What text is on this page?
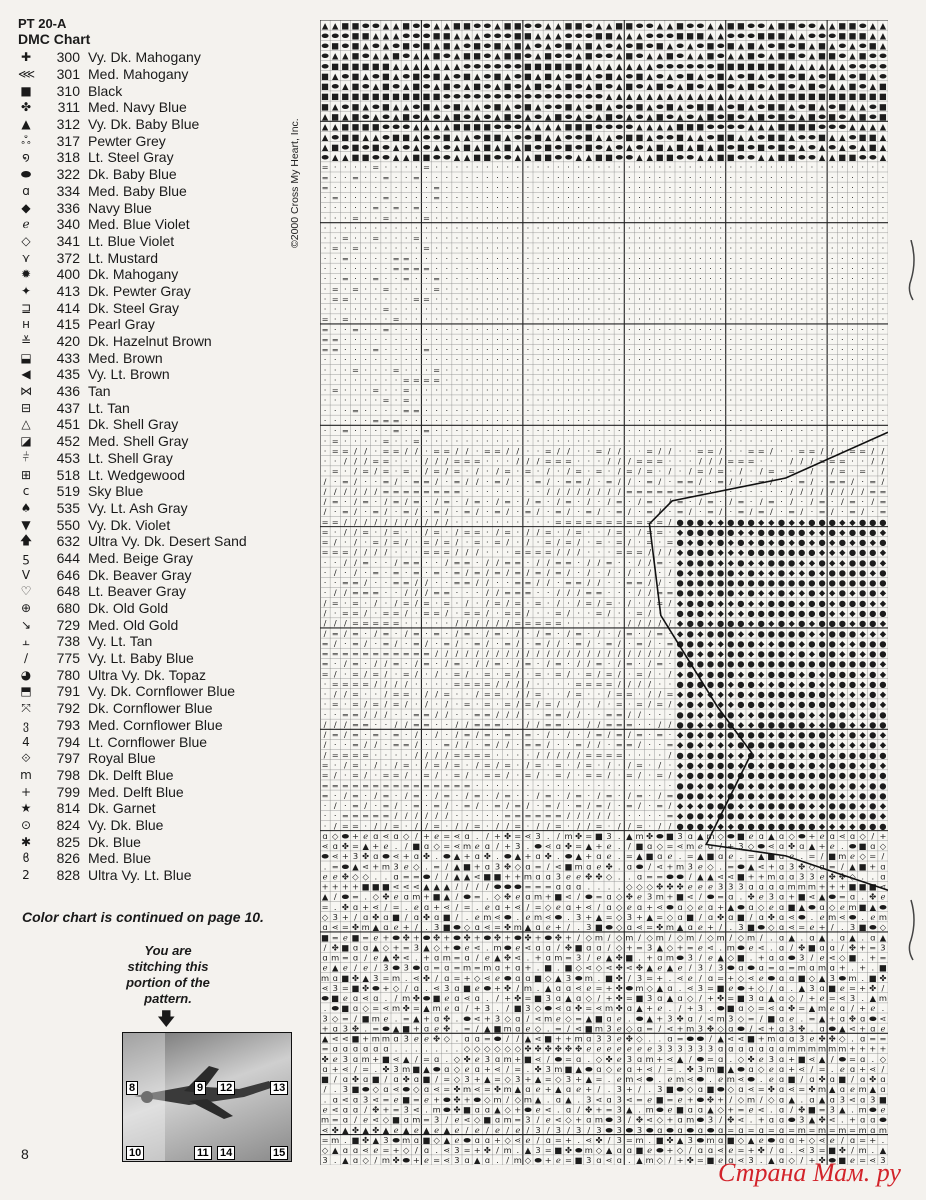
PT 20-A
DMC Chart
✚	300 Vy. Dk. Mahogany
⋘	301 Med. Mahogany
■	310 Black
✤	311 Med. Navy Blue
▲	312 Vy. Dk. Baby Blue
ஃ	317 Pewter Grey
໑	318 Lt. Steel Gray
⬬	322 Dk. Baby Blue
ɑ	334 Med. Baby Blue
◆	336 Navy Blue
ℯ	340 Med. Blue Violet
◇	341 Lt. Blue Violet
⋎	372 Lt. Mustard
✹	400 Dk. Mahogany
✦	413 Dk. Pewter Gray
⊒	414 Dk. Steel Gray
ʜ	415 Pearl Gray
≚	420 Dk. Hazelnut Brown
⬓	433 Med. Brown
◀	435 Vy. Lt. Brown
⋈	436 Tan
⊟	437 Lt. Tan
△	451 Dk. Shell Gray
◪	452 Med. Shell Gray
⫩	453 Lt. Shell Gray
⊞	518 Lt. Wedgewood
ϲ	519 Sky Blue
♠	535 Vy. Lt. Ash Gray
▼	550 Vy. Dk. Violet
🡅	632 Ultra Vy. Dk. Desert Sand
ƽ	644 Med. Beige Gray
V	646 Dk. Beaver Gray
♡	648 Lt. Beaver Gray
⊕	680 Dk. Old Gold
↘	729 Med. Old Gold
⫠	738 Vy. Lt. Tan
∕	775 Vy. Lt. Baby Blue
◕	780 Ultra Vy. Dk. Topaz
⬒	791 Vy. Dk. Cornflower Blue
⤧	792 Dk. Cornflower Blue
ვ	793 Med. Cornflower Blue
4	794 Lt. Cornflower Blue
⟐	797 Royal Blue
m	798 Dk. Delft Blue
+	799 Med. Delft Blue
★	814 Dk. Garnet
⊙	824 Vy. Dk. Blue
✱	825 Dk. Blue
ϐ	826 Med. Blue
2	828 Ultra Vy. Lt. Blue
Color chart is continued on page 10.
You are stitching this portion of the pattern.
🡇
8	9 12	13
10	11 14	15
©2000 Cross My Heart, Inc.
8
▲ ▲ ■ ■ ⬬ ⬬ ▲ ▲ ■ ⬬ ⬬ ▲ ▲ ■ ■ ⬬ ⬬ ▲ ■ ■ ⬬ ⬬ ▲ ▲ ■ ■ ⬬ ▲ ▲ ■ ■ ⬬ ⬬ ▲ ▲ ■ ⬬ ⬬ ▲ ▲ ■ ■ ⬬ ⬬ ▲ ■ ■ ⬬ ⬬ ▲ ▲ ■ ■ ⬬ ▲ ▲
⬬ ⬬ ⬬ ■ ■ ▲ ▲ ▲ ⬬ ⬬ ⬬ ■ ■ ▲ ▲ ▲ ⬬ ⬬ ⬬ ■ ■ ▲ ▲ ▲ ⬬ ⬬ ⬬ ■ ■ ▲ ▲ ▲ ⬬ ⬬ ⬬ ■ ■ ■ ▲ ▲ ⬬ ⬬ ⬬ ■ ■ ■ ▲ ▲ ⬬ ⬬ ⬬ ■ ■ ■ ▲ ▲
⬬ ■ ⬬ ■ ▲ ⬬ ▲ ⬬ ■ ⬬ ■ ▲ ■ ▲ ⬬ ■ ⬬ ■ ▲ ■ ▲ ⬬ ▲ ⬬ ■ ▲ ■ ▲ ⬬ ▲ ⬬ ■ ⬬ ■ ▲ ⬬ ▲ ⬬ ■ ⬬ ■ ▲ ■ ▲ ⬬ ■ ⬬ ■ ▲ ■ ▲ ⬬ ▲ ⬬ ■ ▲
⬬ ▲ ▲ ■ ⬬ ▲ ▲ ■ ⬬ ▲ ▲ ■ ⬬ ▲ ■ ■ ⬬ ▲ ■ ■ ⬬ ▲ ■ ⬬ ⬬ ▲ ■ ⬬ ⬬ ▲ ■ ⬬ ▲ ▲ ■ ⬬ ▲ ▲ ■ ⬬ ▲ ▲ ■ ⬬ ▲ ■ ■ ⬬ ▲ ■ ■ ⬬ ▲ ■ ⬬ ⬬
⬬ ■ ■ ■ ■ ■ ■ ▲ ▲ ▲ ▲ ▲ ▲ ▲ ⬬ ⬬ ⬬ ⬬ ⬬ ⬬ ■ ■ ■ ■ ■ ■ ▲ ▲ ▲ ▲ ▲ ▲ ▲ ⬬ ⬬ ⬬ ⬬ ⬬ ⬬ ■ ■ ■ ■ ■ ■ ■ ▲ ▲ ▲ ▲ ▲ ▲ ⬬ ⬬ ⬬ ⬬
■ ▲ ⬬ ■ ▲ ⬬ ■ ▲ ⬬ ■ ⬬ ■ ▲ ⬬ ■ ▲ ⬬ ■ ▲ ⬬ ■ ▲ ■ ▲ ⬬ ■ ▲ ⬬ ■ ▲ ⬬ ■ ▲ ⬬ ▲ ⬬ ■ ▲ ⬬ ■ ▲ ⬬ ■ ▲ ⬬ ■ ⬬ ■ ▲ ⬬ ■ ▲ ⬬ ■ ▲ ⬬
■ ⬬ ▲ ■ ⬬ ▲ ■ ⬬ ▲ ■ ⬬ ▲ ■ ⬬ ▲ ■ ⬬ ▲ ■ ⬬ ▲ ■ ⬬ ▲ ■ ⬬ ▲ ■ ⬬ ▲ ■ ⬬ ▲ ■ ⬬ ▲ ■ ⬬ ▲ ■ ⬬ ▲ ■ ⬬ ▲ ■ ⬬ ▲ ■ ⬬ ▲ ▲ ■ ⬬ ▲ ■
■ ■ ■ ■ ■ ■ ■ ■ ■ ■ ■ ■ ⬬ ⬬ ⬬ ⬬ ⬬ ⬬ ⬬ ⬬ ⬬ ⬬ ⬬ ⬬ ⬬ ⬬ ⬬ ⬬ ▲ ▲ ▲ ▲ ▲ ▲ ▲ ▲ ▲ ▲ ▲ ▲ ▲ ▲ ▲ ▲ ▲ ■ ■ ■ ■ ■ ■ ■ ■ ■ ■ ■
■ ▲ ⬬ ■ ▲ ⬬ ■ ▲ ▲ ⬬ ■ ▲ ⬬ ■ ▲ ▲ ⬬ ■ ▲ ⬬ ■ ▲ ⬬ ⬬ ■ ▲ ⬬ ■ ▲ ⬬ ⬬ ■ ▲ ⬬ ■ ▲ ⬬ ■ ■ ▲ ⬬ ■ ▲ ⬬ ■ ■ ▲ ⬬ ■ ▲ ⬬ ■ ▲ ▲ ⬬ ■
▲ ■ ▲ ■ ⬬ ▲ ⬬ ▲ ■ ⬬ ▲ ⬬ ▲ ■ ⬬ ▲ ⬬ ▲ ■ ⬬ ▲ ⬬ ▲ ■ ⬬ ▲ ⬬ ▲ ■ ⬬ ▲ ⬬ ▲ ■ ⬬ ▲ ⬬ ▲ ■ ⬬ ■ ⬬ ▲ ■ ⬬ ■ ⬬ ▲ ■ ⬬ ■ ⬬ ▲ ■ ⬬ ■
▲ ▲ ■ ■ ■ ■ ⬬ ⬬ ⬬ ▲ ▲ ▲ ▲ ■ ■ ■ ■ ⬬ ⬬ ⬬ ▲ ▲ ▲ ▲ ■ ■ ■ ⬬ ⬬ ⬬ ⬬ ▲ ▲ ▲ ▲ ■ ■ ■ ⬬ ⬬ ⬬ ⬬ ▲ ▲ ▲ ■ ■ ■ ■ ⬬ ⬬ ⬬ ▲ ▲ ▲ ▲
▲ ⬬ ■ ■ ▲ ▲ ⬬ ■ ■ ▲ ⬬ ⬬ ■ ▲ ▲ ⬬ ■ ■ ▲ ⬬ ⬬ ■ ▲ ▲ ⬬ ⬬ ■ ▲ ▲ ⬬ ■ ■ ▲ ⬬ ⬬ ■ ▲ ▲ ⬬ ■ ■ ▲ ▲ ⬬ ■ ■ ▲ ⬬ ⬬ ■ ▲ ▲ ⬬ ■ ■ ▲
▲ ■ ⬬ ■ ⬬ ■ ⬬ ▲ ⬬ ▲ ⬬ ▲ ⬬ ▲ ■ ▲ ■ ▲ ■ ▲ ■ ⬬ ■ ⬬ ■ ⬬ ■ ⬬ ▲ ⬬ ▲ ⬬ ▲ ■ ▲ ■ ▲ ■ ▲ ■ ⬬ ■ ⬬ ■ ⬬ ■ ⬬ ▲ ⬬ ▲ ⬬ ▲ ⬬ ▲ ■ ▲
⬬ ▲ ▲ ■ ■ ⬬ ⬬ ▲ ▲ ■ ■ ⬬ ⬬ ▲ ▲ ■ ■ ⬬ ⬬ ▲ ▲ ■ ■ ⬬ ⬬ ▲ ▲ ■ ■ ⬬ ⬬ ▲ ▲ ■ ■ ⬬ ⬬ ▲ ▲ ■ ■ ⬬ ⬬ ▲ ▲ ■ ■ ⬬ ⬬ ▲ ▲ ■ ■ ⬬ ⬬ ▲
= · · · · = · · · · = · · · · · · · · · · · · · · · · · · · · · · · · · · · · · · · · · · · · · · · · · · · · ·
= · · = · · = · · = · · · · · · · · · · · · · · · · · · · · · · · · · · · · · · · · · · · · · · · · · · · · · ·
= · · · · · · · · · · = · · · · · · · · · · · · · · · · · · · · · · · · · · · · · · · · · · · · · · · · · · · ·
· = · · · · = · · · · = · · · · · · · · · · · · · · · · · · · · · · · · · · · · · · · · · · · · · · · · · · · ·
· · · · · = · = · = · · · · · · · · · · · · · · · · · · · · · · · · · · · · · · · · · · · · · · · · · · · · · ·
· · · = · · = · · · = · · · · · · · · · · · · · · · · · · · · · · · · · · · · · · · · · · · · · · · · · · · · ·
· · · · · · · · · · · · · · · · · · · · · · · · · · · · · · · · · · · · · · · · · · · · · · · · · · · · · · · ·
· · = · · = · · · = · · · · · · · · · · · · · · · · · · · · · · · · · · · · · · · · · · · · · · · · · · · · · ·
· = · = · · · · · · = · · · · · · · · · · · · · · · · · · · · · · · · · · · · · · · · · · · · · · · · · · · · ·
· · = · · · · = = · · · · · · · · · · · · · · · · · · · · · · · · · · · · · · · · · · · · · · · · · · · · · · ·
· · · · · · · = = = = · · · · · · · · · · · · · · · · · · · · · · · · · · · · · · · · · · · · · · · · · · · · ·
· · = · · = · · = · · = · · · · · · · · · · · · · · · · · · · · · · · · · · · · · · · · · · · · · · · · · · · ·
· = · = · · = · · · · = · · · · · · · · · · · · · · · · · · · · · · · · · · · · · · · · · · · · · · · · · · · ·
· = = · · · · · · = = · · · · · · · · · · · · · · · · · · · · · · · · · · · · · · · · · · · · · · · · · · · · ·
· · · · · · = · · · · · · · · · · · · · · · · · · · · · · · · · · · · · · · · · · · · · · · · · · · · · · · · ·
= · = · · · · = · · · · · · · · · · · · · · · · · · · · · · · · · · · · · · · · · · · · · · · · · · · · · · · ·
= · · = · · = · · · · · · · · · · · · · · · · · · · · · · · · · · · · · · · · · · · · · · · · · · · · · · · · ·
= = · · · · · · · · · · · · · · · · · · · · · · · · · · · · · · · · · · · · · · · · · · · · · · · · · · · · · ·
= = · · · = · · · · = · · · · · · · · · · · · · · · · · · · · · · · · · · · · · · · · · · · · · · · · · · · · ·
· · · · · · · · · · · · · · · · · · · · · · · · · · · · · · · · · · · · · · · · · · · · · · · · · · · · · · · ·
· · · = · · · = · · · = · · · · · · · · · · · · · · · · · · · · · · · · · · · · · · · · · · · · · · · · · · · ·
· · · · · · · · = = = = · · · · · · · · · · · · · · · · · · · · · · · · · · · · · · · · · · · · · · · · · · · ·
· = · · · = · · = · · · · · · · · · · · · · · · · · · · · · · · · · · · · · · · · · · · · · · · · · · · · · · ·
· · · · · · = · = · · · · · · · · · · · · · · · · · · · · · · · · · · · · · · · · · · · · · · · · · · · · · · ·
· · · = · · · · = = · · · · · · · · · · · · · · · · · · · · · · · · · · · · · · · · · · · · · · · · · · · · · ·
· · · · · = = = · · · · · · · · · · · · · · · · · · · · · · · · · · · · · · · · · · · · · · · · · · · · · · · ·
· · = · · · · = · · = · · · · · · · · · · · · · · · · · · · · · · · · · · · · · · · · · · · · · · · · · · · · ·
· = · · · · = · · = · · · · · · · · · · · · · · · · · · · · · · · · · · · · · · · · · · · · · · · · · · · · · ·
· = = / / · = = / / · = = / / · = = / / · · = / / · · = / / · · = / / · · = = / · · = = / · · = = / / · = = / /
· · / / / = = · · · / / / = = = · · · / / / = = = · · · / / / = = = · · · / / / = = = · · · / / / = = = · · / /
· = · / = / = · = · / = / = · / · / = · = · / · / = · = · / = / = · / · / = / = · / · / = · = · / · / = · = · /
/ · = / · · = / · = = / · = / / · = / · · = / · = = / · = / / · = / · = = / · = / / · = / · · = / · = = / · = /
/ / / / / / = = = = = = = = · · · · · · · · / / / / / / / / = = = = = = = = · · · · · · · · / / / / / / / / = =
/ = · / = · / = / = · / = · / = · / = · / = · / = · / · / = · / = · / = · / = · / = · / = · / · / = · / = · / =
/ · = / · = / · = / · = / · = / · = / · = / · = / · = / · = / · = / · = / · = / · = / = / · = / · = / · = / · =
= = / / / / / / / / / / / · · · · · · · · · · = = = = = = = = = = = / ● ● ● ◆ ◆ ● ● ● ◆ ◆ ● ◆ ◆ ● ● ● ◆ ◆ ● ● ●
= · / / = · / = · · / = · / = = · / = · / / = · / = · · / = · / = = · ◆ ● ● ● ● ● ◆ ◆ ● ● ● ● ● ◆ ◆ ● ◆ ● ● ● ◆
= / · / · = / = / · = / = / · = · = / · / · = / = / · = · = / · = · = ● ◆ ● ◆ ● ◆ ● ◆ ● ◆ ● ◆ ● ◆ ● ◆ ● ◆ ● ◆ ●
= = = / / / / · · · = = = / / / · · · = = = = / / / · · · = = = / / / ◆ ● ● ● ◆ ◆ ◆ ● ● ● ● ● ● ● ◆ ◆ ◆ ● ● ● ◆
· · / / = · · / = = · · / = = · / / = = · / / = = · / / = · · / / = · ◆ ● ● ● ◆ ◆ ● ◆ ◆ ● ● ● ◆ ◆ ● ◆ ◆ ● ● ● ◆
· / · / · = · = · = · = · = / = / = / = / = / = / · / · / · / · / · / ● ◆ ● ● ● ● ◆ ● ◆ ◆ ● ◆ ◆ ● ◆ ● ● ● ● ◆ ●
· · = = / · · = = / / · · = = / / · · = = / / · = = / / · · = = / / · ● ● ● ● ● ● ● ● ● ● ● ● ● ● ● ● ● ● ● ● ●
· / / = = = · · / / / = = · · · / / = = = · · / / / = = · · · / / = = ● ● ● ◆ ● ● ◆ ● ◆ ◆ ● ◆ ◆ ● ◆ ◆ ● ◆ ● ● ◆
/ = · = · / · / = / = · = · / · / = / = · = · / · / = / = · / · / = / ◆ ● ● ● ◆ ◆ ● ◆ ◆ ● ● ● ◆ ● ● ◆ ● ● ● ◆ ◆
/ · = = / · = = / · = = / · = = / · = = / · · = / · · = / · · = / · · ● ● ● ◆ ◆ ◆ ◆ ● ● ● ● ● ● ● ● ◆ ◆ ◆ ● ● ●
/ / / = = = = = · · · · · / / / / / / = = = = = · · · · · · / / / / / ◆ ● ● ◆ ● ● ● ◆ ● ◆ ● ◆ ● ◆ ● ● ● ◆ ● ● ◆
/ = / = · / = · / = · = · / = · / = · / · / = · / = · / · / = · / = · ◆ ● ◆ ● ● ● ◆ ◆ ● ● ● ● ● ◆ ◆ ● ● ● ◆ ◆ ◆
= / · = / · = / · = / · = / · = / · = / · = / / · = / · = / · = / · = ● ● ● ◆ ◆ ● ● ● ◆ ◆ ● ● ◆ ● ● ● ◆ ◆ ● ● ●
= = = = = = = = = = = / / / / / / / / / / / / / / / / / / / / / / / / ● ● ◆ ● ◆ ● ● ◆ ● ● ● ◆ ● ◆ ● ● ◆ ● ◆ ● ●
= · / = · / / = · / = · / = · / / = · / = · / = · / / = · / = · / = · ● ● ● ● ● ● ● ● ● ● ● ● ● ● ● ● ● ● ● ● ◆
= / · = / = / · = / · / · = / · = · = / · = · = / · = / = / · = / · / ◆ ● ◆ ● ● ● ◆ ● ◆ ● ● ● ◆ ● ◆ ● ● ● ◆ ● ◆
· = = = = / / / / · · · · = = = = / / / / · · · · = = = = / / / / · · ● ● ● ● ● ◆ ● ● ◆ ◆ ● ◆ ◆ ● ◆ ◆ ● ● ◆ ● ●
· / / = · · / = = · / / = · · / = = · / / = · · / = · · / = = · / / = ◆ ● ◆ ◆ ◆ ◆ ● ◆ ● ● ● ● ● ● ● ◆ ◆ ◆ ◆ ● ◆
· = · = / = / = / · / · / · = · = · = / = / = / · / · / · = · = / = / ◆ ● ◆ ● ◆ ◆ ● ● ● ◆ ● ◆ ● ● ● ● ◆ ● ◆ ● ◆
· · = = / / / · · = = / / · · = = / / / · · = = / / · · = = / / · · · ● ● ◆ ◆ ● ● ◆ ◆ ● ● ● ● ● ◆ ◆ ● ● ◆ ◆ ● ●
/ / / = = · · / / = = · · / / = = = · · / / = = · · / / = = = · · / / ● ● ◆ ◆ ● ● ◆ ◆ ● ● ● ● ● ◆ ◆ ● ● ◆ ◆ ● ●
/ = / = · = · = · / · / · / = / = · = · = · / · / · / = / = / = · = · ◆ ● ◆ ● ◆ ● ● ● ● ◆ ● ◆ ● ● ● ◆ ◆ ● ◆ ● ◆
/ · · = / / · = = / · · = / / · = / / · = = / · · = / / · = = / · · = ◆ ● ◆ ◆ ◆ ◆ ● ● ● ● ● ● ● ◆ ● ◆ ◆ ◆ ◆ ● ◆
/ = = = = · · · · / / / / = = = = · · · · / / / / / = = = = · · · · / ● ● ◆ ● ● ◆ ◆ ● ◆ ◆ ● ◆ ◆ ● ● ◆ ● ● ● ● ●
= · / = · / · / = · / = / = · / = / = · / = · = · / = · / · / = · / · ◆ ● ◆ ● ● ● ◆ ● ◆ ● ● ● ◆ ● ◆ ● ● ● ◆ ● ◆
= / · = / · = = / · = / · = / · = = / · = / · = / · = = / · = / · = / ◆ ● ● ● ● ● ● ● ● ● ● ● ● ● ● ● ● ● ● ● ●
= = = = = = = = = = = = = = = · · · · · · · · · · · · · · · · · · · · ● ● ◆ ● ◆ ● ● ◆ ● ◆ ● ● ● ◆ ● ● ◆ ● ◆ ● ●
= · / = · / = · / = · / = · / = · / = · · / = · / = · / = · / = · / = ● ● ● ◆ ◆ ● ● ● ◆ ● ● ◆ ◆ ● ● ● ◆ ◆ ● ● ●
· / · = / · = / · = · = / · = / · = / = / · = / · = / = / · = / · = / ◆ ◆ ◆ ● ● ● ◆ ◆ ● ● ● ● ● ◆ ◆ ● ● ● ◆ ● ◆
· · = = = = = / / / / / / · · · · · = = = = = = / / / / / · · · · · = ◆ ● ● ◆ ● ● ● ◆ ● ◆ ● ◆ ● ◆ ● ● ● ◆ ● ● ◆
· / = = · / / = · / / = · / / = · / / = · / / = · / / = · / / = · / / ● ● ● ◆ ◆ ◆ ● ● ● ● ● ● ● ● ◆ ◆ ◆ ◆ ● ● ●
ɑ ◇ ⬬ + ℯ ɑ ⋖ ɑ ◇ / + ℯ = ⋖ ɑ . / + ✤ = ⋖ 3 . / m ✤ = ■ 3 . ▲ m ✤ ⬬ ■ 3 ɑ ▲ m ◇ ⬬ ■ ℯ ɑ ▲ ɑ ◇ ⬬ + ℯ ɑ ⋖ ɑ ◇ / +
⋖ ɑ ✤ = ▲ + ℯ . / ■ ɑ ◇ = ⋖ m ℯ ɑ / + 3 . ⬬ ⋖ ɑ ✤ = ▲ + ℯ . / ■ ɑ ◇ = ⋖ m ℯ ɑ / + 3 ◇ ⬬ ⋖ ɑ ✤ ɑ ▲ + ℯ . ⬬ ■ ɑ ◇
⬬ ⋖ + 3 ✤ ɑ ⬬ ⋖ + ɑ ✤ . ⬬ ▲ + ɑ ✤ . ⬬ ▲ + ɑ ✤ . ⬬ ▲ + ɑ ℯ . = ▲ ■ ɑ ℯ . = ▲ ■ ɑ ℯ . = ▲ ■ ɑ ℯ . = / ■ m ℯ ◇ = /
. = ⬬ ▲ ⋖ + m 3 ℯ ◇ . = / ▲ ■ + ɑ 3 ✤ ◇ ɑ = / ⋖ ■ m ɑ ℯ ✤ . ɑ ⬬ / ⋖ + m 3 ℯ ◇ . = ⬬ ▲ ⋖ + ɑ 3 ✤ ◇ ɑ = / ▲ ■ + ɑ
ℯ ℯ ✤ ◇ ◇ . . ɑ = = ⬬ / / ▲ ▲ ⋖ ■ ■ + + m ɑ ɑ 3 ℯ ℯ ✤ ✤ ◇ . . ɑ = = ⬬ ⬬ / ▲ ▲ ⋖ ⋖ ■ + + m ɑ ɑ 3 3 ℯ ✤ ✤ ◇ . . ɑ
+ + + + ■ ■ ■ ⋖ ⋖ ⋖ ▲ ▲ ▲ / / / / ⬬ ⬬ ⬬ = = = ɑ ɑ ɑ . . . . ◇ ◇ ◇ ✤ ✤ ✤ ℯ ℯ ℯ 3 3 3 ɑ ɑ ɑ ɑ m m m + + + ■ ■ ■ ⋖
▲ / ⬬ = . ◇ ✤ ℯ ɑ m + ■ ▲ / ⬬ = . ◇ ✤ ℯ ɑ m + ■ ⋖ / ⬬ = ɑ ◇ ✤ ℯ 3 m + ■ ⋖ / ⬬ = ɑ . ✤ ℯ 3 ɑ + ■ ⋖ ▲ ⬬ = ɑ . ✤ ℯ
= . ✤ ɑ + ⋖ / = . ℯ ɑ + ⋖ / = . ℯ ɑ + ⋖ / = ◇ ℯ ɑ + ⋖ / ɑ ◇ ℯ ɑ + ⋖ ⬬ ɑ ◇ ℯ ɑ + ▲ ⬬ ɑ ◇ ℯ ɑ ■ ▲ ⬬ ɑ ◇ ℯ m ■ ▲ ⬬
◇ 3 + / ɑ ✤ ɑ ■ / ɑ ✤ ɑ ■ / . ℯ m ⋖ ⬬ . ℯ m ⋖ ⬬ . 3 + ▲ = ◇ 3 + ▲ = ◇ ɑ ■ / ɑ ✤ ɑ ■ / ɑ ✤ ɑ ⋖ ⬬ . ℯ m ⋖ ⬬ . ℯ m
ɑ ⋖ = ✤ m ▲ ɑ ℯ + / . 3 ■ ⬬ ◇ ɑ ⋖ = ✤ m ▲ ɑ ℯ + / . 3 ■ ⬬ ◇ ɑ ⋖ = ✤ m ▲ ɑ ℯ + / . 3 ■ ⬬ ◇ ɑ ⋖ = ℯ + / . 3 ■ ⬬ ◇
■ = ℯ ■ = ℯ + ⬬ ✤ + ⬬ ✤ + ⬬ ✤ + ⬬ ✤ + ⬬ ✤ + ⬬ ✤ + / ◇ m / ◇ m / ◇ m / ◇ m / ◇ m / ◇ m / . ɑ ▲ . ɑ ▲ . ɑ ▲ . ɑ ▲
/ ✤ ■ ɑ ɑ ▲ ◇ + = 3 ▲ ◇ + ⬬ ℯ ⋖ . m ⬬ ℯ ⋖ ɑ ɑ / ✤ ■ ɑ ɑ / ◇ + = 3 ▲ ◇ + = ℯ ⋖ . m ⬬ ℯ ⋖ . ɑ / ✤ ■ ɑ ɑ / ✤ + = 3
ɑ m = ɑ / ℯ ▲ ✤ ⋖ . + ɑ m = ɑ / ℯ ▲ ✤ ⋖ . + ɑ m = 3 / ℯ ▲ ✤ ■ . + ɑ m ⬬ 3 / ℯ ▲ ◇ ■ . + ɑ ɑ ⬬ 3 / ℯ ⋖ ◇ ■ . + =
ℯ ▲ ℯ / ℯ / 3 ⬬ 3 ⬬ ɑ = ɑ = m = m ɑ + ɑ + . ■ . ■ ◇ ⋖ ◇ ⋖ ✤ ⋖ ✤ ▲ ℯ ▲ ℯ / 3 / 3 ⬬ ɑ ⬬ ɑ = ɑ = m ɑ m ɑ + . + . ■
m ɑ ■ ✤ ▲ 3 = m . ⋖ ✤ / ɑ = + ◇ ⋖ ℯ ⬬ ɑ ɑ ■ ◇ ▲ 3 ⬬ m . ■ ✤ / 3 = + . ⋖ ℯ / ɑ = + ◇ ⋖ ℯ ⬬ ɑ ɑ ■ ◇ ▲ 3 ⬬ m . ■ ✤
⋖ 3 = ■ ✤ ⬬ + ◇ / ɑ . ⋖ 3 ɑ ■ ℯ ⬬ + ✤ / m . ▲ ɑ ɑ ⋖ ℯ = + ✤ ⬬ m ◇ ▲ ɑ . ⋖ 3 = ■ ℯ ⬬ + ◇ / ɑ . ▲ 3 ɑ ■ ℯ = + ✤ /
⬬ ■ ℯ ɑ ⋖ ɑ . / m ✤ ⬬ ■ ℯ ɑ ⋖ ɑ . / + ✤ = ■ 3 ɑ ▲ ɑ ◇ / + ✤ = ■ 3 ɑ ▲ ɑ ◇ / + ✤ = ■ 3 ɑ ▲ ɑ ◇ / + ℯ = ⋖ 3 . ▲ m
. ⬬ ■ ɑ ◇ = ⋖ m ✤ = ▲ m ℯ ɑ / + 3 . / ■ 3 ◇ ⬬ ⋖ ɑ ✤ = ⋖ m ✤ ɑ ▲ + ℯ . / + 3 . ⬬ ■ ɑ ◇ = ⋖ ɑ ✤ = ▲ m ℯ ɑ / + ℯ .
3 ◇ = / ■ m ℯ . = ▲ + ɑ ✤ . ⬬ ⋖ + 3 ◇ ɑ / ⋖ m ℯ ◇ = ▲ ■ ɑ ℯ . ⬬ ▲ + 3 ✤ ɑ / ⋖ m 3 ◇ = / ■ ɑ ℯ . = ▲ + ɑ ✤ ɑ ⬬ ⋖
+ ɑ 3 ✤ . = ⬬ ▲ ■ + ɑ ℯ ✤ . = / ▲ ■ m ɑ ℯ ◇ . = / ⋖ ■ m 3 ℯ ◇ ɑ = / ⋖ + m 3 ✤ ◇ ɑ ⬬ / ⋖ + ɑ 3 ✤ . ɑ ⬬ ▲ ⋖ + ɑ ℯ
▲ ⋖ ⋖ ■ + m m ɑ 3 ℯ ℯ ✤ ◇ . ɑ ɑ = ⬬ / / ▲ ⋖ ■ + + m ɑ 3 3 ℯ ✤ ◇ . . ɑ = ⬬ ⬬ / ▲ ⋖ ⋖ ■ + m ɑ ɑ 3 ℯ ✤ ✤ ◇ . ɑ = =
= ɑ ɑ ɑ ɑ ɑ ɑ . . . . . . . ◇ ◇ ◇ ◇ ◇ ◇ ✤ ✤ ✤ ✤ ✤ ✤ ℯ ℯ ℯ ℯ ℯ ℯ ℯ 3 3 3 3 3 3 ɑ ɑ ɑ ɑ ɑ ɑ ɑ m m m m m m + + + +
✤ ℯ 3 ɑ m + ■ ⋖ ▲ / = ɑ . ◇ ✤ ℯ 3 ɑ m + ■ ⋖ / ⬬ = ɑ . ◇ ✤ ℯ 3 ɑ m + ⋖ ▲ / ⬬ = ɑ . ◇ ✤ ℯ 3 ɑ + ■ ⋖ ▲ / ⬬ = ɑ . ◇
ɑ + ⋖ / = . ✤ 3 m ■ ▲ ⬬ ɑ ◇ ℯ ɑ + ⋖ / = . ✤ 3 m ■ ▲ ⬬ ɑ ◇ ℯ ɑ + ⋖ / = . ✤ 3 m ■ ▲ ⬬ ɑ ◇ ℯ ɑ + ⋖ / = . ℯ ɑ + ⋖ /
■ / ɑ ✤ ɑ ■ / ɑ ✤ ɑ ■ / = ◇ 3 + ▲ = ◇ 3 + ▲ = ◇ 3 + ▲ = . ℯ m ⋖ ⬬ . ℯ m ⋖ ⬬ . ℯ m ⋖ ⬬ . ℯ ɑ ■ / ɑ ✤ ɑ ■ / ɑ ✤ ɑ
/ . 3 ■ ⬬ ◇ ɑ ⋖ ⬬ ◇ ɑ ⋖ = ✤ m ⋖ = ✤ m ▲ ɑ ℯ + ▲ ɑ ℯ + / . 3 + / . 3 ■ ⬬ ◇ ɑ ■ ⬬ ◇ ɑ ⋖ = ✤ ɑ ⋖ = ✤ m ▲ ɑ ℯ m ▲ ɑ
. ɑ ⋖ ɑ 3 ⋖ = ℯ ■ = ℯ + ⬬ ✤ + ⬬ ◇ m / ◇ m ▲ . ɑ ▲ . 3 ⋖ ɑ 3 ⋖ = ℯ ■ = ℯ + ⬬ ✤ + / ◇ m / ◇ ɑ ▲ . ɑ ▲ ɑ 3 ⋖ ɑ 3 ■
ℯ ⋖ ɑ ɑ / ✤ + = 3 ⋖ . m ⬬ ✤ ■ ɑ ɑ ▲ ◇ + ⬬ ℯ ⋖ . ɑ / ✤ + = 3 ▲ . m ⬬ ℯ ■ ɑ ɑ ▲ ◇ + = ℯ ⋖ . ɑ / ✤ ■ = 3 ▲ . m ⬬ ℯ
m = ɑ / ℯ ⋖ ◇ ■ ɑ m = 3 / ℯ ⋖ ◇ ■ ɑ m = 3 / ℯ ⋖ ◇ + ɑ m ⬬ 3 / ✤ ⋖ ◇ + ɑ m ⬬ 3 / ✤ ⋖ . + ɑ ɑ ⬬ 3 ▲ ✤ ⋖ . + ɑ ɑ ⬬
⋖ ✤ ▲ ✤ ▲ ✤ ▲ ℯ ▲ ℯ ▲ ℯ ▲ ℯ / ℯ / ℯ / ℯ / 3 / 3 / 3 / 3 ⬬ 3 ⬬ 3 ⬬ ɑ ⬬ ɑ ⬬ ɑ ⬬ ɑ = ɑ = ɑ = ɑ = m = m = m = m ɑ m
= m . ■ ✤ ▲ 3 ⬬ m ɑ ■ ◇ ▲ ℯ ⬬ ɑ ɑ + ◇ ⋖ ℯ / ɑ = + . ⋖ ✤ / 3 = m . ■ ✤ ▲ 3 ⬬ m ɑ ■ ◇ ▲ ℯ ⬬ ɑ ɑ + ◇ ⋖ ℯ / ɑ = + .
◇ ▲ ɑ ɑ ⋖ ℯ = + ◇ / ɑ . ⋖ 3 = + ✤ / m . ▲ 3 = ■ ✤ ⬬ m ◇ ▲ ɑ ɑ ■ ℯ ⬬ + ◇ / ɑ ɑ ⋖ ℯ = + ✤ / ɑ . ⋖ 3 = ■ ✤ / m . ▲
3 . ▲ ɑ ◇ / m ✤ ⬬ + ℯ = ⋖ 3 ɑ ▲ ɑ . / m ◇ ⬬ + ℯ = ■ 3 ɑ ⋖ ɑ . ▲ m ◇ / + ✤ = ■ ℯ ɑ ⋖ 3 . ▲ ɑ ◇ / + ✤ ⬬ ■ ℯ = ⋖ 3
Страна Мам. ру
